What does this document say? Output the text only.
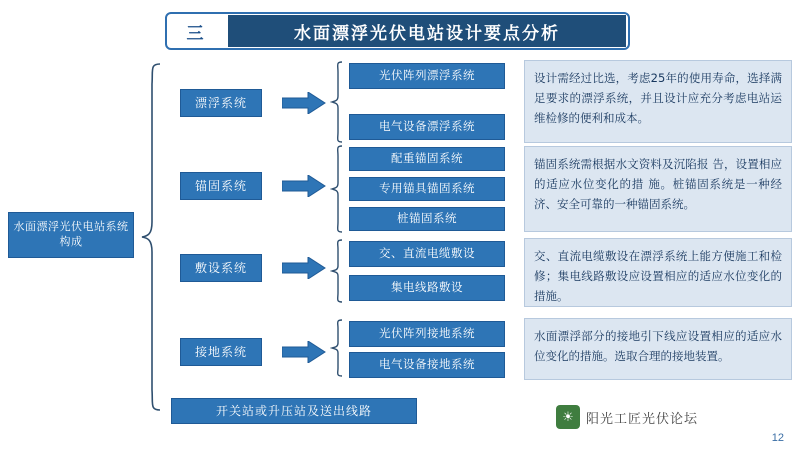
三	水面漂浮光伏电站设计要点分析
水面漂浮光伏电站系统构成
漂浮系统
光伏阵列漂浮系统
电气设备漂浮系统
设计需经过比选，考虑25年的使用寿命，选择满足要求的漂浮系统，并且设计应充分考虑电站运维检修的便利和成本。
锚固系统
配重锚固系统
专用锚具锚固系统
桩锚固系统
锚固系统需根据水文资料及沉陷报 告，设置相应的适应水位变化的措 施。桩锚固系统是一种经济、安全可靠的一种锚固系统。
敷设系统
交、直流电缆敷设
集电线路敷设
交、直流电缆敷设在漂浮系统上能方便施工和检修；集电线路敷设应设置相应的适应水位变化的措施。
接地系统
光伏阵列接地系统
电气设备接地系统
水面漂浮部分的接地引下线应设置相应的适应水位变化的措施。选取合理的接地装置。
开关站或升压站及送出线路	☀ 阳光工匠光伏论坛
12
